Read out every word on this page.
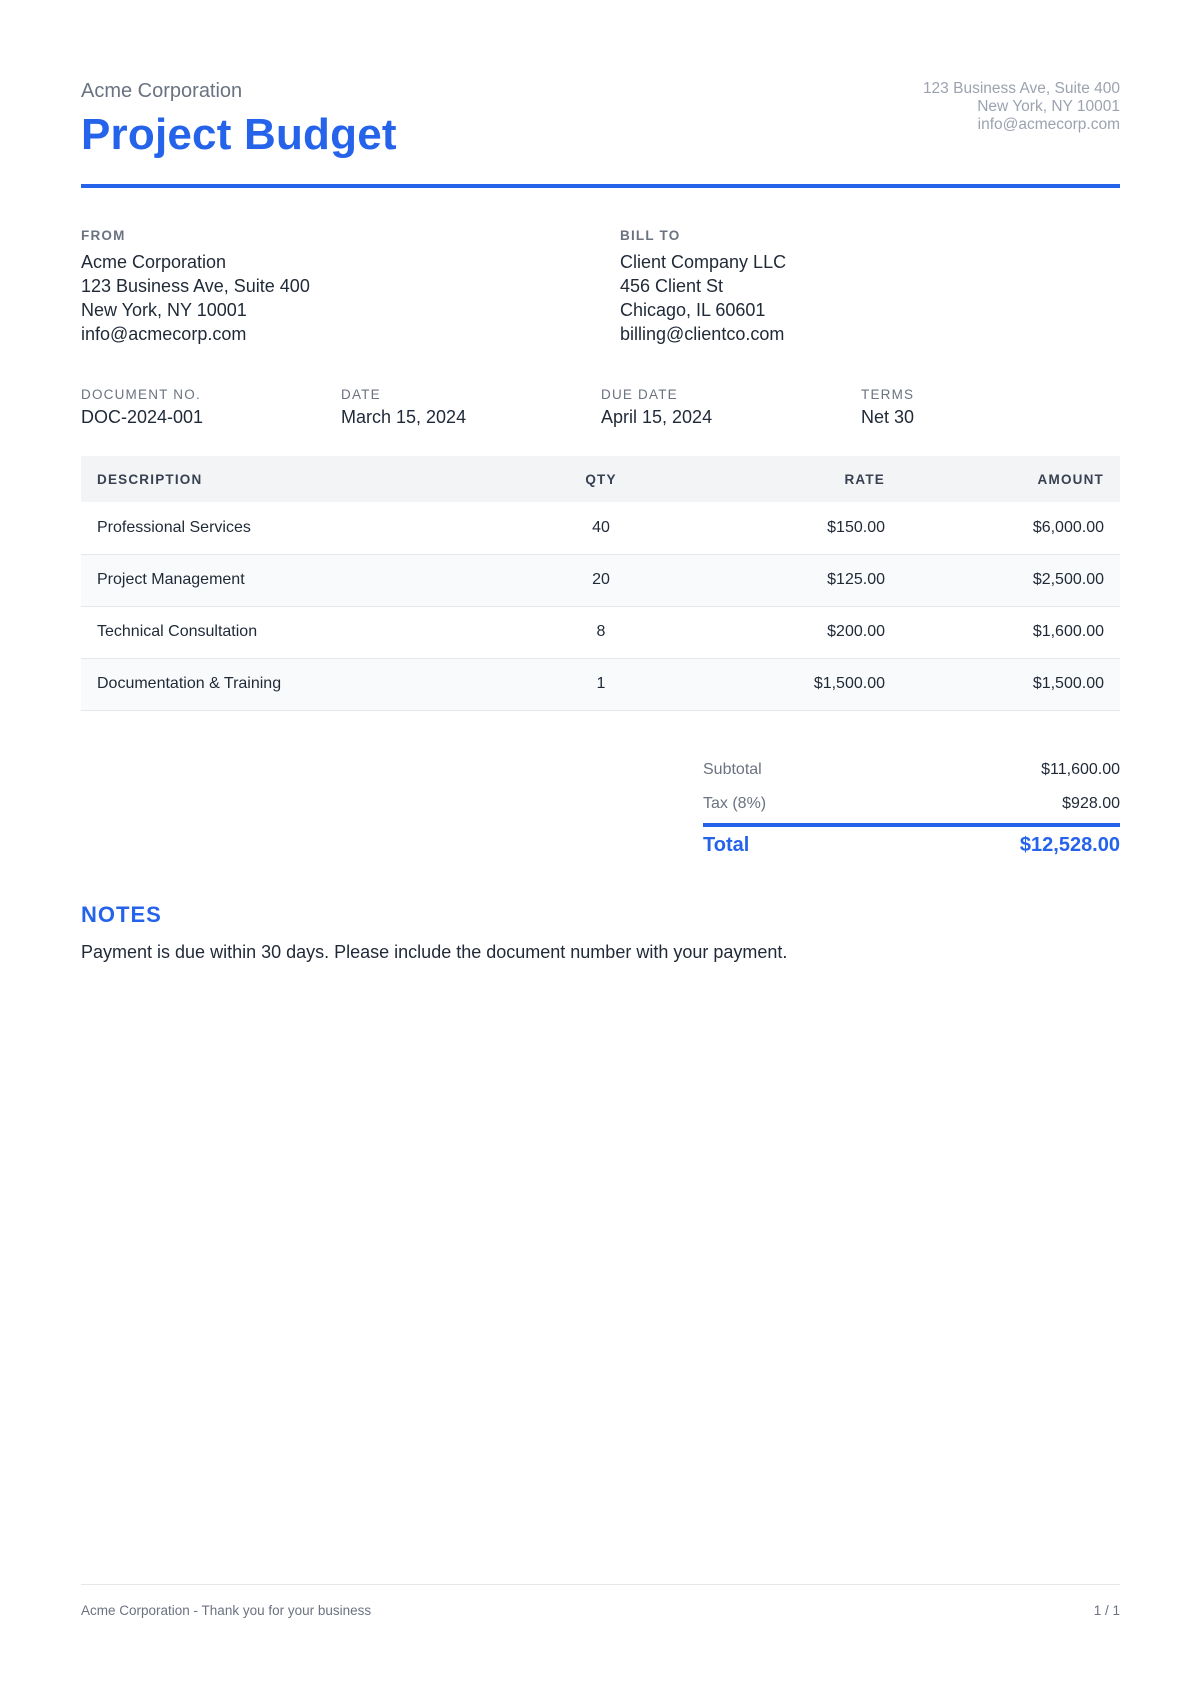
Acme Corporation
Project Budget
123 Business Ave, Suite 400
New York, NY 10001
info@acmecorp.com
FROM
Acme Corporation
123 Business Ave, Suite 400
New York, NY 10001
info@acmecorp.com
BILL TO
Client Company LLC
456 Client St
Chicago, IL 60601
billing@clientco.com
DOCUMENT NO.
DOC-2024-001
DATE
March 15, 2024
DUE DATE
April 15, 2024
TERMS
Net 30
DESCRIPTION	QTY	RATE	AMOUNT
Professional Services	40	$150.00	$6,000.00
Project Management	20	$125.00	$2,500.00
Technical Consultation	8	$200.00	$1,600.00
Documentation & Training	1	$1,500.00	$1,500.00
Subtotal	$11,600.00
Tax (8%)	$928.00
Total	$12,528.00
NOTES
Payment is due within 30 days. Please include the document number with your payment.
Acme Corporation - Thank you for your business	1 / 1
